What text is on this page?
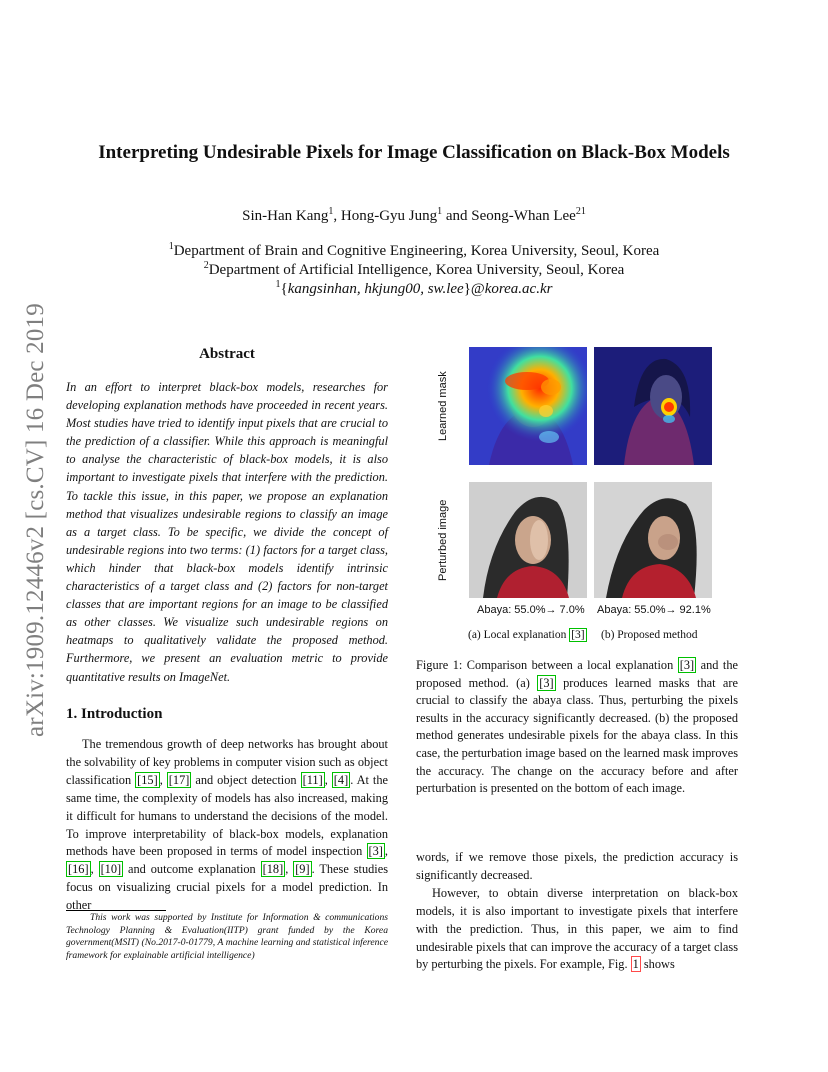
arXiv:1909.12446v2 [cs.CV] 16 Dec 2019
Interpreting Undesirable Pixels for Image Classification on Black-Box Models
Sin-Han Kang$^1$, Hong-Gyu Jung$^1$ and Seong-Whan Lee$^{21}$
$^1$Department of Brain and Cognitive Engineering, Korea University, Seoul, Korea
$^2$Department of Artificial Intelligence, Korea University, Seoul, Korea
$^1${kangsinhan, hkjung00, sw.lee}@korea.ac.kr
Abstract
In an effort to interpret black-box models, researches for developing explanation methods have proceeded in recent years. Most studies have tried to identify input pixels that are crucial to the prediction of a classifier. While this approach is meaningful to analyse the characteristic of black-box models, it is also important to investigate pixels that interfere with the prediction. To tackle this issue, in this paper, we propose an explanation method that visualizes undesirable regions to classify an image as a target class. To be specific, we divide the concept of undesirable regions into two terms: (1) factors for a target class, which hinder that black-box models identify intrinsic characteristics of a target class and (2) factors for non-target classes that are important regions for an image to be classified as other classes. We visualize such undesirable regions on heatmaps to qualitatively validate the proposed method. Furthermore, we present an evaluation metric to provide quantitative results on ImageNet.
1. Introduction
The tremendous growth of deep networks has brought about the solvability of key problems in computer vision such as object classification [15] , [17] and object detection [11] , [4] . At the same time, the complexity of models has also increased, making it difficult for humans to understand the decisions of the model. To improve interpretability of black-box models, explanation methods have been proposed in terms of model inspection [3] , [16] , [10] and outcome explanation [18] , [9] . These studies focus on visualizing crucial pixels for a model prediction. In other
This work was supported by Institute for Information & communications Technology Planning & Evaluation(IITP) grant funded by the Korea government(MSIT) (No.2017-0-01779, A machine learning and statistical inference framework for explainable artificial intelligence)
Learned mask
Perturbed image
Abaya: 55.0%→ 7.0% Abaya: 55.0%→ 92.1%
(a) Local explanation [3] (b) Proposed method
Figure 1: Comparison between a local explanation [3] and the proposed method. (a) [3] produces learned masks that are crucial to classify the abaya class. Thus, perturbing the pixels results in the accuracy significantly decreased. (b) the proposed method generates undesirable pixels for the abaya class. In this case, the perturbation image based on the learned mask improves the accuracy. The change on the accuracy before and after perturbation is presented on the bottom of each image.

words, if we remove those pixels, the prediction accuracy is significantly decreased.

However, to obtain diverse interpretation on black-box models, it is also important to investigate pixels that interfere with the prediction. Thus, in this paper, we aim to find undesirable pixels that can improve the accuracy of a target class by perturbing the pixels. For example, Fig. 1 shows
